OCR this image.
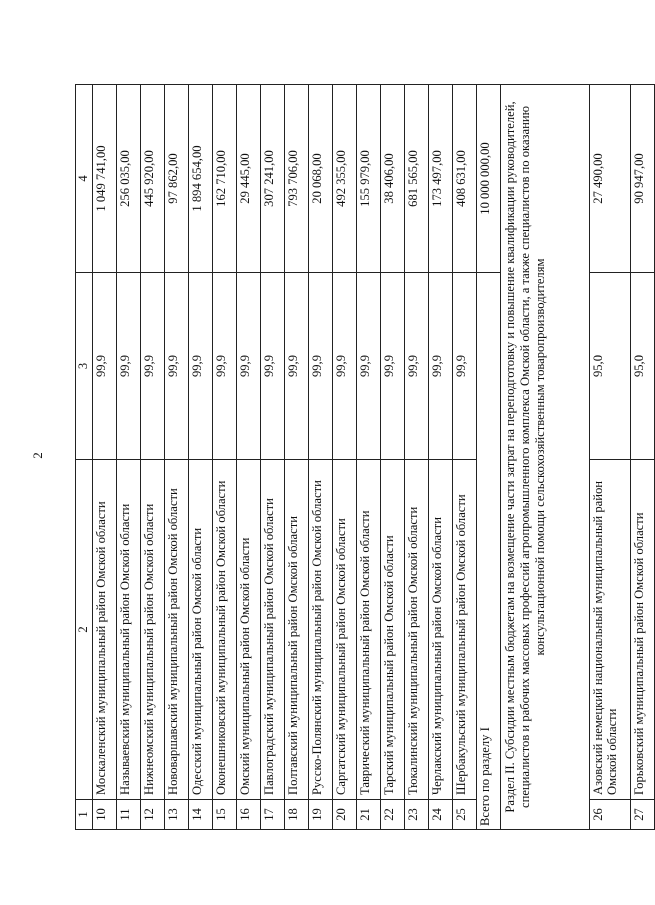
2
1	2	3	4
10	Москаленский муниципальный район Омской области	99,9	1 049 741,00
11	Называевский муниципальный район Омской области	99,9	256 035,00
12	Нижнеомский муниципальный район Омской области	99,9	445 920,00
13	Нововаршавский муниципальный район Омской области	99,9	97 862,00
14	Одесский муниципальный район Омской области	99,9	1 894 654,00
15	Оконешниковский муниципальный район Омской области	99,9	162 710,00
16	Омский муниципальный район Омской области	99,9	29 445,00
17	Павлоградский муниципальный район Омской области	99,9	307 241,00
18	Полтавский муниципальный район Омской области	99,9	793 706,00
19	Русско-Полянский муниципальный район Омской области	99,9	20 068,00
20	Саргатский муниципальный район Омской области	99,9	492 355,00
21	Таврический муниципальный район Омской области	99,9	155 979,00
22	Тарский муниципальный район Омской области	99,9	38 406,00
23	Тюкалинский муниципальный район Омской области	99,9	681 565,00
24	Черлакский муниципальный район Омской области	99,9	173 497,00
25	Шербакульский муниципальный район Омской области	99,9	408 631,00
Всего по разделу I			10 000 000,00
Раздел II. Субсидии местным бюджетам на возмещение части затрат на переподготовку и повышение квалификации руководителей, специалистов и рабочих массовых профессий агропромышленного комплекса Омской области, а также специалистов по оказанию консультационной помощи сельскохозяйственным товаропроизводителям			
26	Азовский немецкий национальный муниципальный район Омской области	95,0	27 490,00
27	Горьковский муниципальный район Омской области	95,0	90 947,00
